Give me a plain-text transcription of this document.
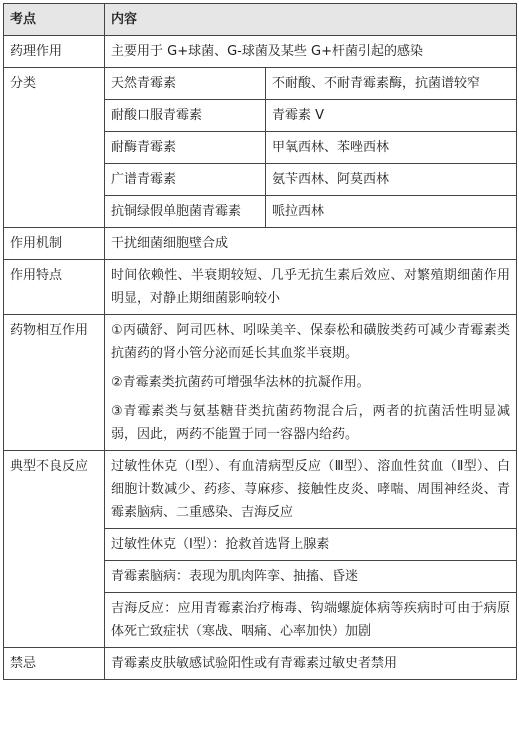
考点	内容	
药理作用	主要用于 G+球菌、G-球菌及某些 G+杆菌引起的感染	
分类	天然青霉素	不耐酸、不耐青霉素酶，抗菌谱较窄
	耐酸口服青霉素	青霉素 V
	耐酶青霉素	甲氧西林、苯唑西林
	广谱青霉素	氨苄西林、阿莫西林
	抗铜绿假单胞菌青霉素	哌拉西林
作用机制	干扰细菌细胞壁合成	
作用特点	时间依赖性、半衰期较短、几乎无抗生素后效应、对繁殖期细菌作用明显，对静止期细菌影响较小	
药物相互作用	①丙磺舒、阿司匹林、吲哚美辛、保泰松和磺胺类药可减少青霉素类抗菌药的肾小管分泌而延长其血浆半衰期。
②青霉素类抗菌药可增强华法林的抗凝作用。
③青霉素类与氨基糖苷类抗菌药物混合后，两者的抗菌活性明显减弱，因此，两药不能置于同一容器内给药。	

典型不良反应	过敏性休克（Ⅰ型）、有血清病型反应（Ⅲ型）、溶血性贫血（Ⅱ型）、白细胞计数减少、药疹、荨麻疹、接触性皮炎、哮喘、周围神经炎、青霉素脑病、二重感染、吉海反应	
	过敏性休克（Ⅰ型）：抢救首选肾上腺素	
	青霉素脑病：表现为肌肉阵挛、抽搐、昏迷	
	吉海反应：应用青霉素治疗梅毒、钩端螺旋体病等疾病时可由于病原体死亡致症状（寒战、咽痛、心率加快）加剧	
禁忌	青霉素皮肤敏感试验阳性或有青霉素过敏史者禁用	
